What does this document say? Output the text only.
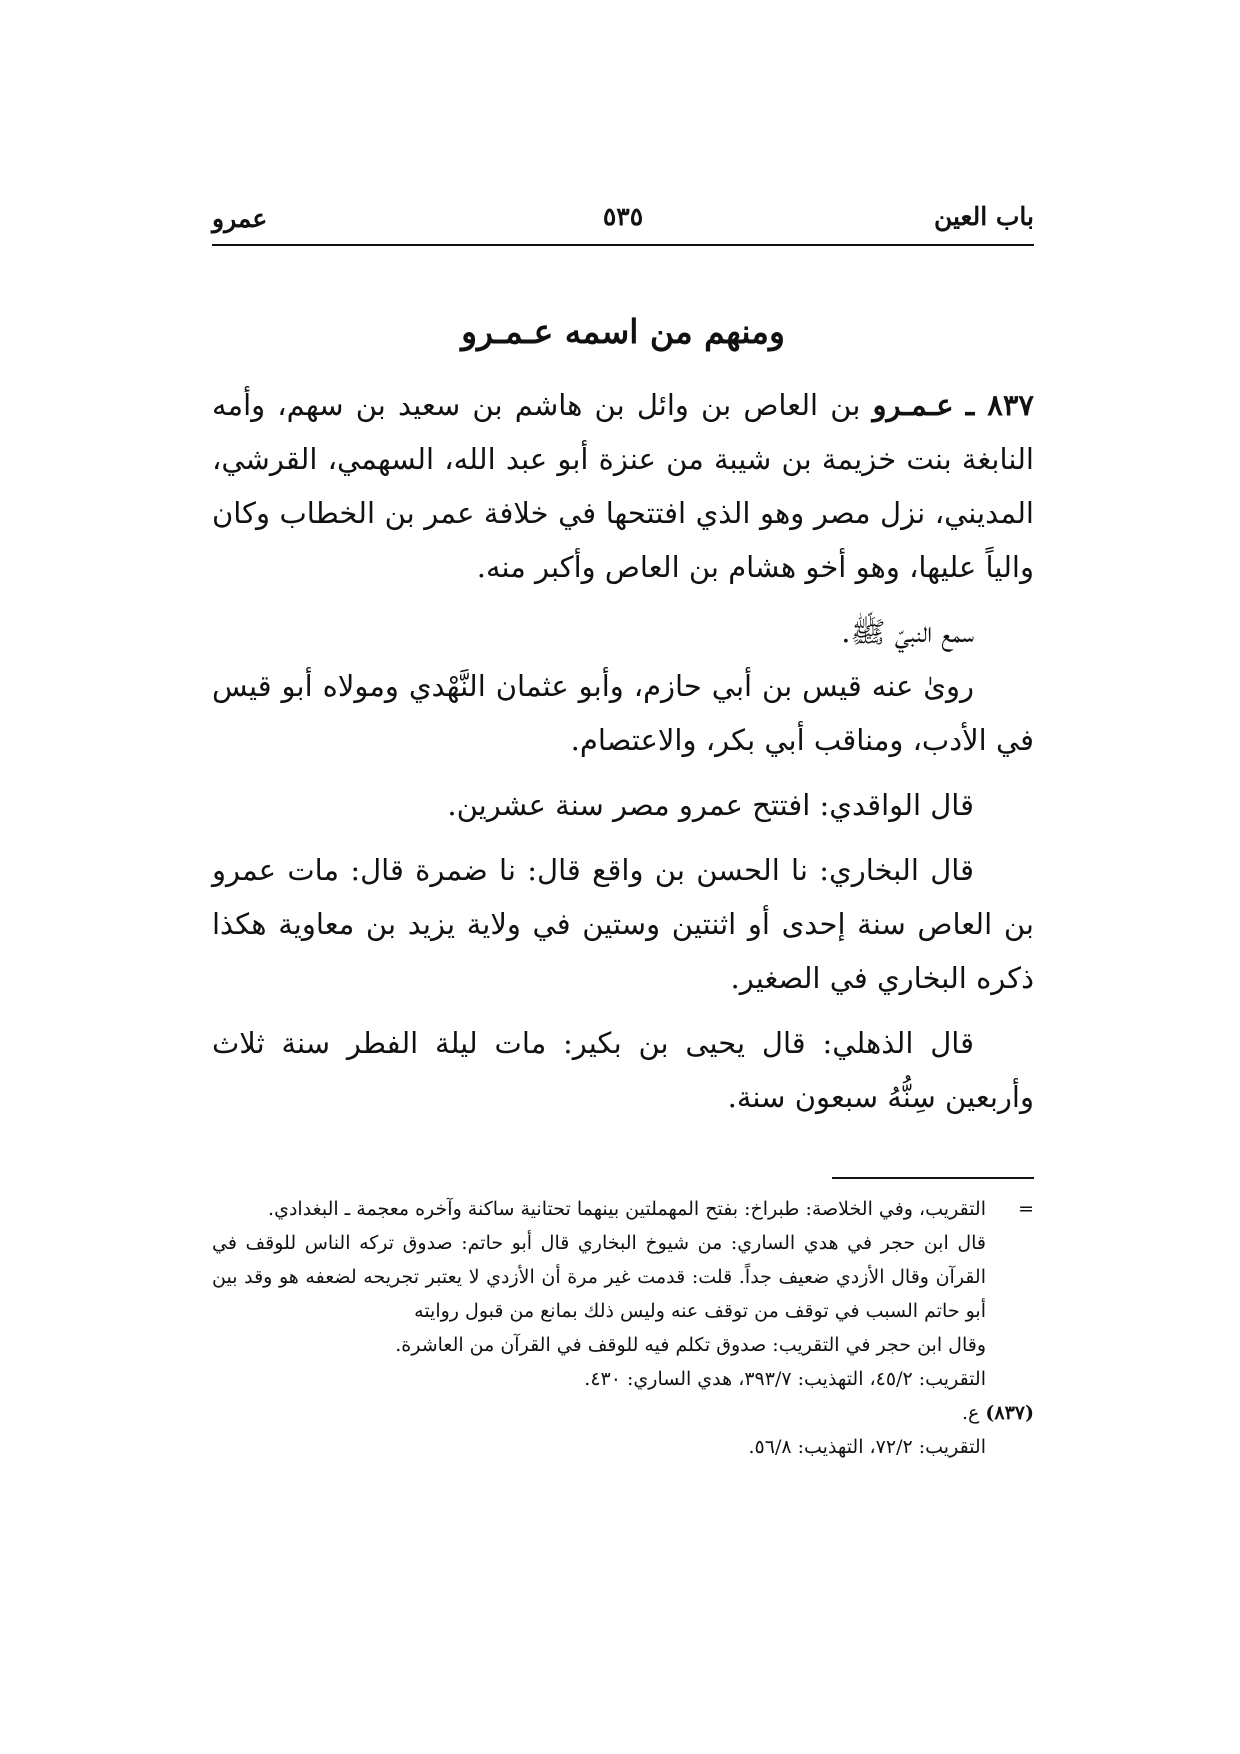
باب العين
٥٣٥
عمرو
ومنهم من اسمه عـمـرو

٨٣٧ ـ عـمـرو بن العاص بن وائل بن هاشم بن سعيد بن سهم، وأمه النابغة بنت خزيمة بن شيبة من عنزة أبو عبد الله، السهمي، القرشي، المديني، نزل مصر وهو الذي افتتحها في خلافة عمر بن الخطاب وكان والياً عليها، وهو أخو هشام بن العاص وأكبر منه.

سمع النبيّ ﷺ.

روىٰ عنه قيس بن أبي حازم، وأبو عثمان النَّهْدي ومولاه أبو قيس في الأدب، ومناقب أبي بكر، والاعتصام.

قال الواقدي: افتتح عمرو مصر سنة عشرين.

قال البخاري: نا الحسن بن واقع قال: نا ضمرة قال: مات عمرو بن العاص سنة إحدى أو اثنتين وستين في ولاية يزيد بن معاوية هكذا ذكره البخاري في الصغير.

قال الذهلي: قال يحيى بن بكير: مات ليلة الفطر سنة ثلاث وأربعين سِنُّهُ سبعون سنة.

=
التقريب، وفي الخلاصة: طبراخ: بفتح المهملتين بينهما تحتانية ساكنة وآخره معجمة ـ البغدادي.

قال ابن حجر في هدي الساري: من شيوخ البخاري قال أبو حاتم: صدوق تركه الناس للوقف في القرآن وقال الأزدي ضعيف جداً. قلت: قدمت غير مرة أن الأزدي لا يعتبر تجريحه لضعفه هو وقد بين أبو حاتم السبب في توقف من توقف عنه وليس ذلك بمانع من قبول روايته

وقال ابن حجر في التقريب: صدوق تكلم فيه للوقف في القرآن من العاشرة.

التقريب: ٤٥/٢، التهذيب: ٣٩٣/٧، هدي الساري: ٤٣٠.

(٨٣٧) ع.

التقريب: ٧٢/٢، التهذيب: ٥٦/٨.
